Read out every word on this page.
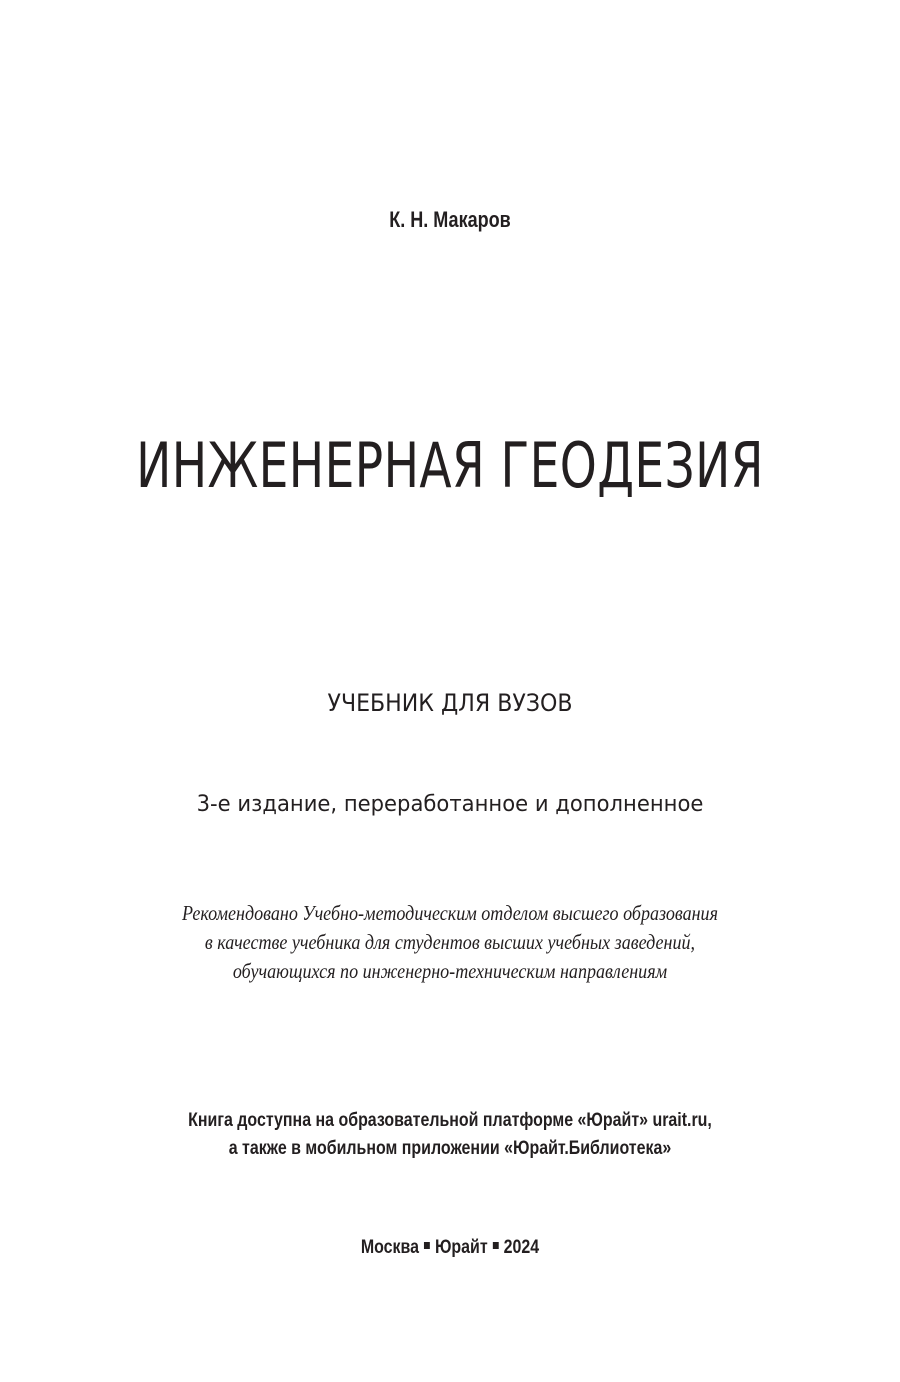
К. Н. Макаров
ИНЖЕНЕРНАЯ ГЕОДЕЗИЯ
УЧЕБНИК ДЛЯ ВУЗОВ
3-е издание, переработанное и дополненное
Рекомендовано Учебно-методическим отделом высшего образования
в качестве учебника для студентов высших учебных заведений,
обучающихся по инженерно-техническим направлениям
Книга доступна на образовательной платформе «Юрайт» urait.ru,
а также в мобильном приложении «Юрайт.Библиотека»
Москва Юрайт 2024
